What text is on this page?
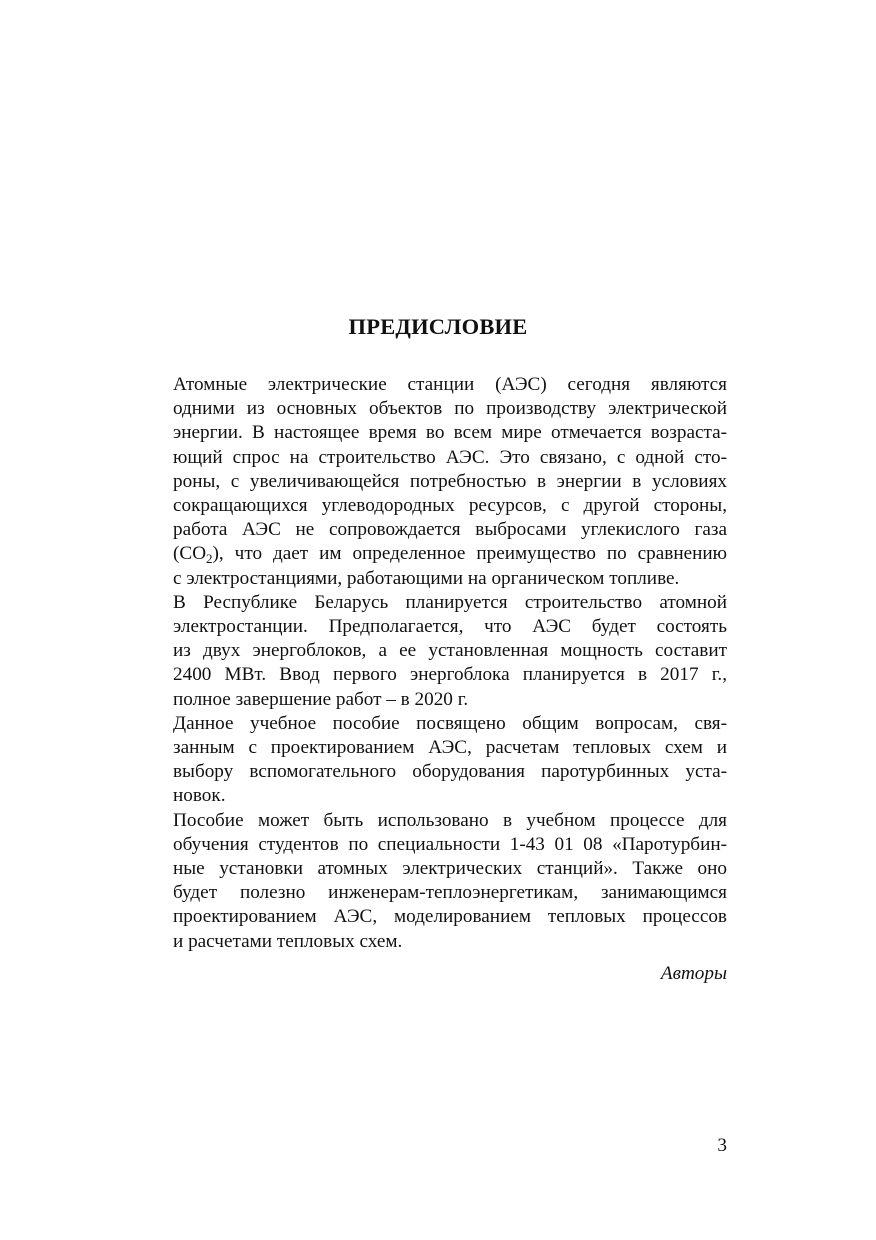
ПРЕДИСЛОВИЕ

Атомные электрические станции (АЭС) сегодня являются
одними из основных объектов по производству электрической
энергии. В настоящее время во всем мире отмечается возраста-
ющий спрос на строительство АЭС. Это связано, с одной сто-
роны, с увеличивающейся потребностью в энергии в условиях
сокращающихся углеводородных ресурсов, с другой стороны,
работа АЭС не сопровождается выбросами углекислого газа
$(CO_2)$, что дает им определенное преимущество по сравнению
с электростанциями, работающими на органическом топливе.

В Республике Беларусь планируется строительство атомной
электростанции. Предполагается, что АЭС будет состоять
из двух энергоблоков, а ее установленная мощность составит
2400 МВт. Ввод первого энергоблока планируется в 2017 г.,
полное завершение работ – в 2020 г.

Данное учебное пособие посвящено общим вопросам, свя-
занным с проектированием АЭС, расчетам тепловых схем и
выбору вспомогательного оборудования паротурбинных уста-
новок.

Пособие может быть использовано в учебном процессе для
обучения студентов по специальности 1-43 01 08 «Паротурбин-
ные установки атомных электрических станций». Также оно
будет полезно инженерам-теплоэнергетикам, занимающимся
проектированием АЭС, моделированием тепловых процессов
и расчетами тепловых схем.

Авторы
3
